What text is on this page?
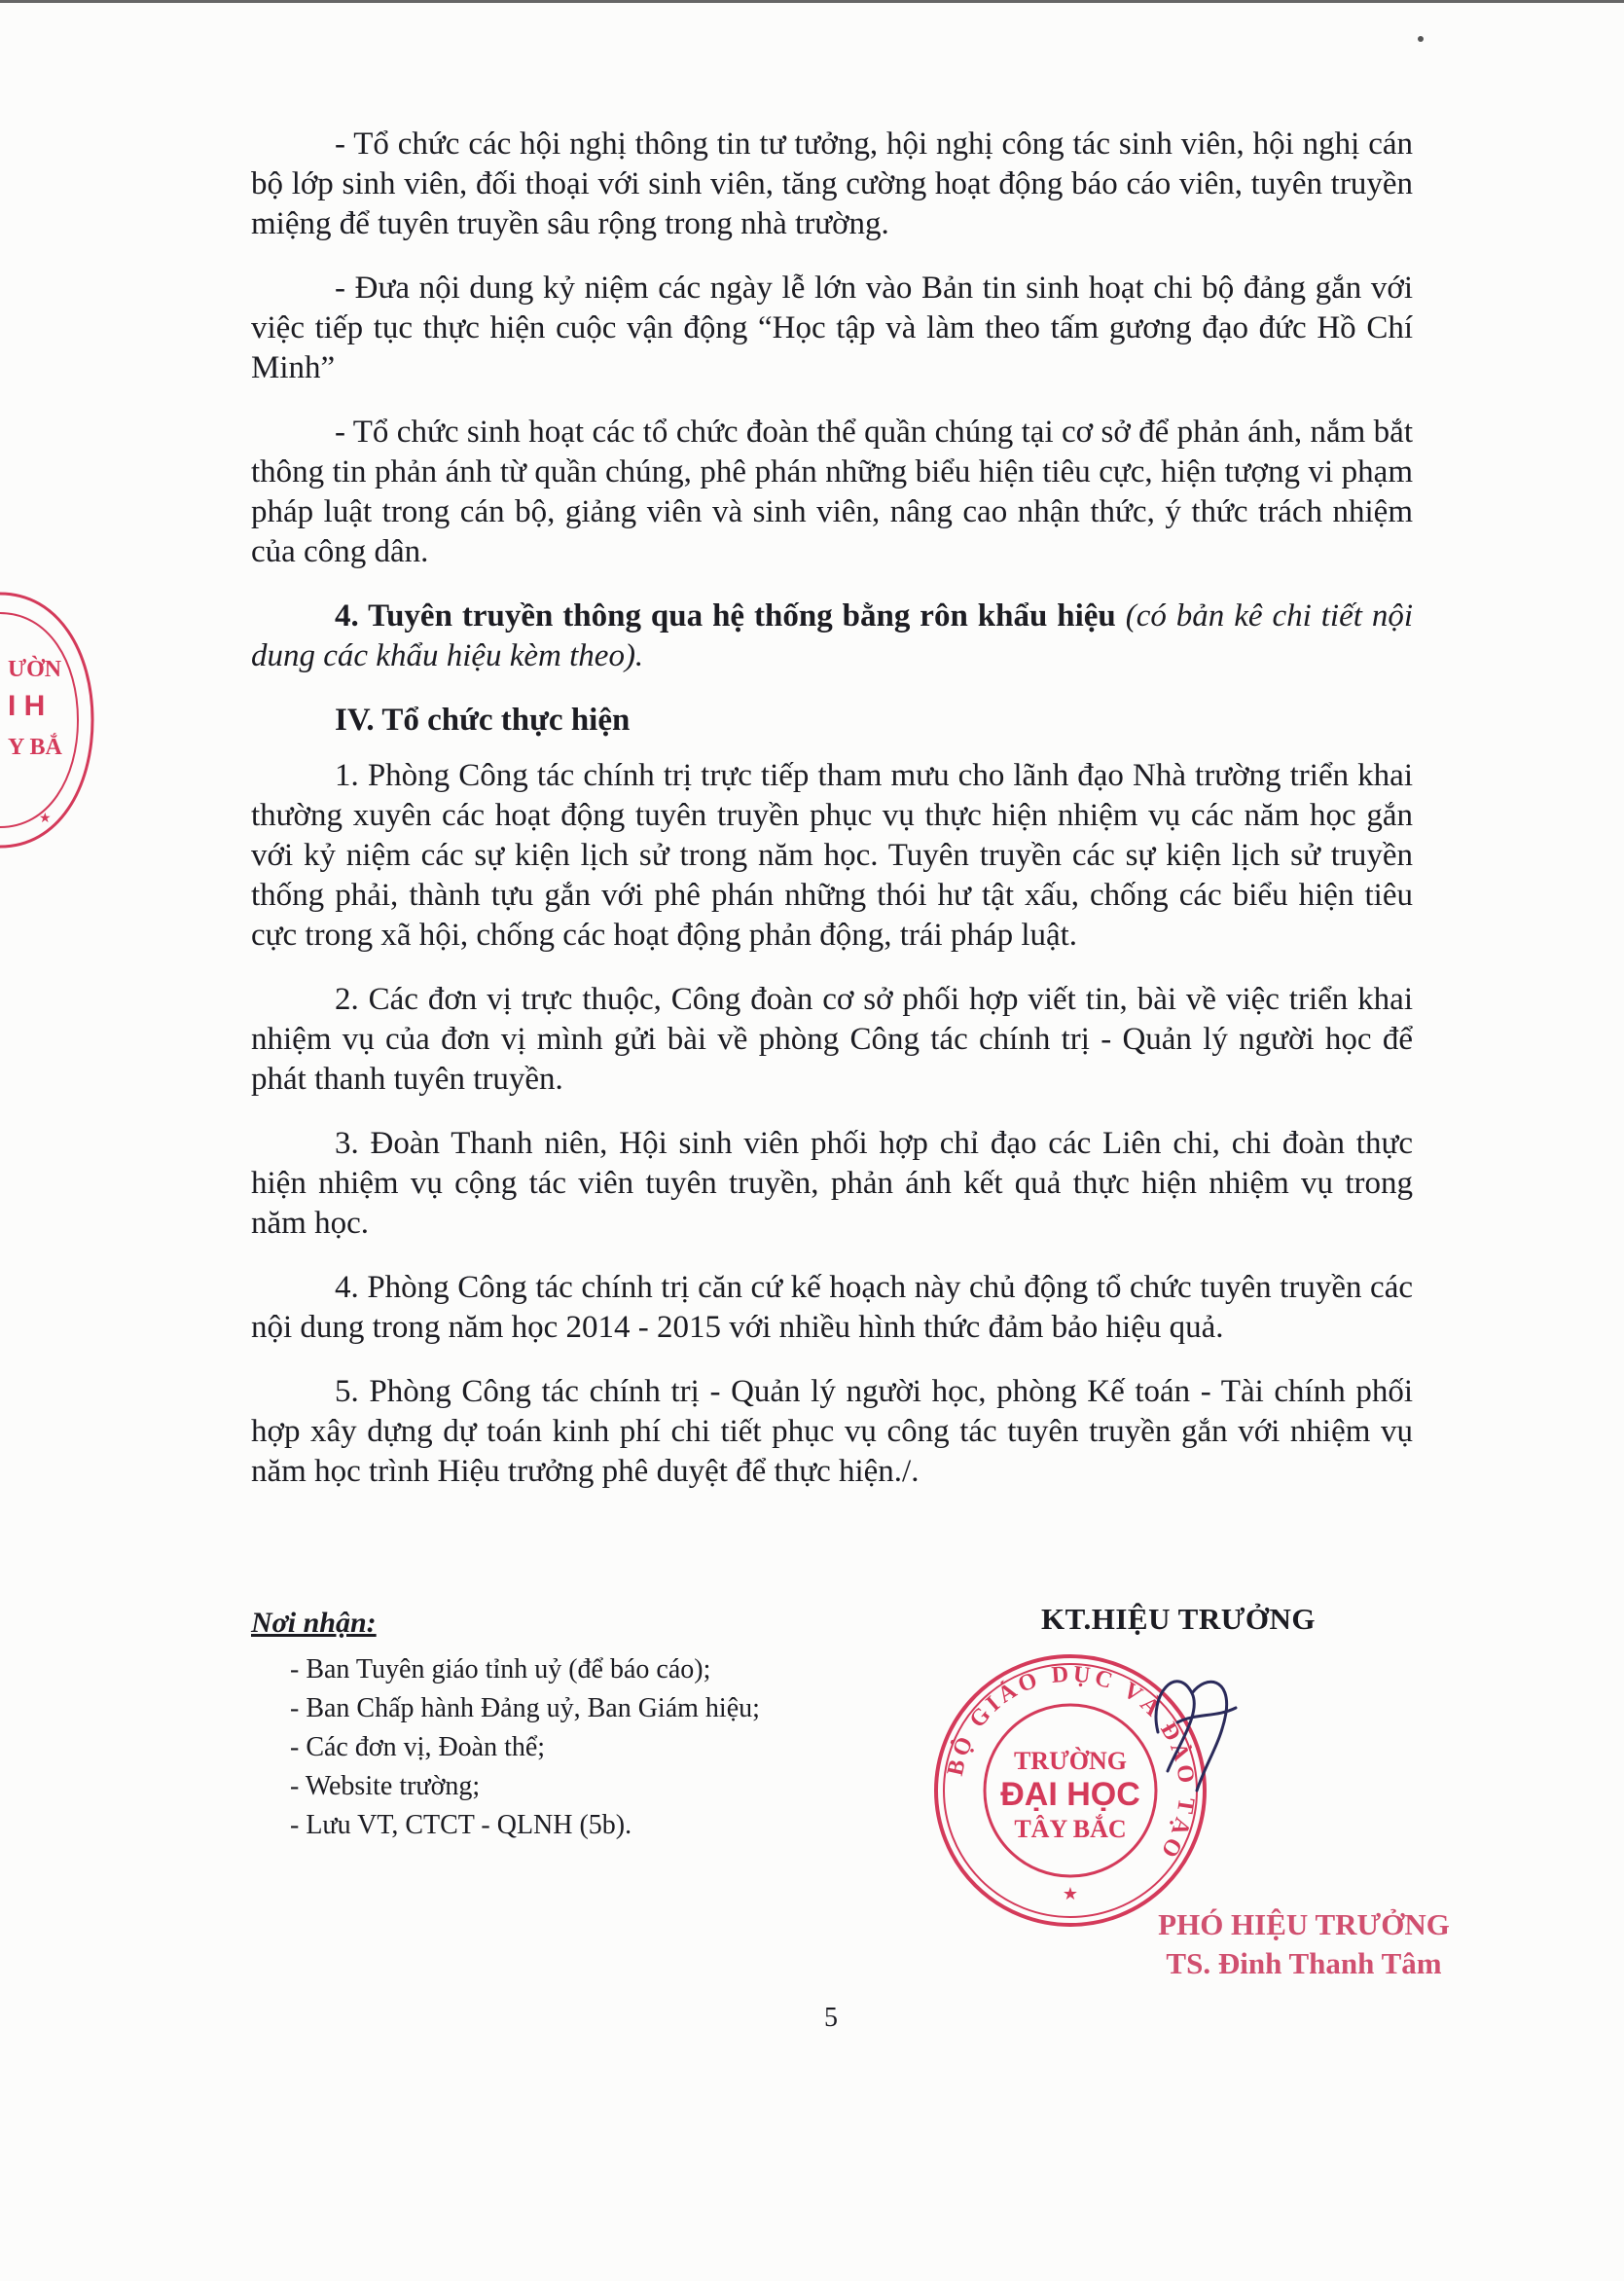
- Tổ chức các hội nghị thông tin tư tưởng, hội nghị công tác sinh viên, hội nghị cán bộ lớp sinh viên, đối thoại với sinh viên, tăng cường hoạt động báo cáo viên, tuyên truyền miệng để tuyên truyền sâu rộng trong nhà trường.

- Đưa nội dung kỷ niệm các ngày lễ lớn vào Bản tin sinh hoạt chi bộ đảng gắn với việc tiếp tục thực hiện cuộc vận động “Học tập và làm theo tấm gương đạo đức Hồ Chí Minh”

- Tổ chức sinh hoạt các tổ chức đoàn thể quần chúng tại cơ sở để phản ánh, nắm bắt thông tin phản ánh từ quần chúng, phê phán những biểu hiện tiêu cực, hiện tượng vi phạm pháp luật trong cán bộ, giảng viên và sinh viên, nâng cao nhận thức, ý thức trách nhiệm của công dân.

4. Tuyên truyền thông qua hệ thống bằng rôn khẩu hiệu (có bản kê chi tiết nội dung các khẩu hiệu kèm theo).

IV. Tổ chức thực hiện

1. Phòng Công tác chính trị trực tiếp tham mưu cho lãnh đạo Nhà trường triển khai thường xuyên các hoạt động tuyên truyền phục vụ thực hiện nhiệm vụ các năm học gắn với kỷ niệm các sự kiện lịch sử trong năm học. Tuyên truyền các sự kiện lịch sử truyền thống phải, thành tựu gắn với phê phán những thói hư tật xấu, chống các biểu hiện tiêu cực trong xã hội, chống các hoạt động phản động, trái pháp luật.

2. Các đơn vị trực thuộc, Công đoàn cơ sở phối hợp viết tin, bài về việc triển khai nhiệm vụ của đơn vị mình gửi bài về phòng Công tác chính trị - Quản lý người học để phát thanh tuyên truyền.

3. Đoàn Thanh niên, Hội sinh viên phối hợp chỉ đạo các Liên chi, chi đoàn thực hiện nhiệm vụ cộng tác viên tuyên truyền, phản ánh kết quả thực hiện nhiệm vụ trong năm học.

4. Phòng Công tác chính trị căn cứ kế hoạch này chủ động tổ chức tuyên truyền các nội dung trong năm học 2014 - 2015 với nhiều hình thức đảm bảo hiệu quả.

5. Phòng Công tác chính trị - Quản lý người học, phòng Kế toán - Tài chính phối hợp xây dựng dự toán kinh phí chi tiết phục vụ công tác tuyên truyền gắn với nhiệm vụ năm học trình Hiệu trưởng phê duyệt để thực hiện./.

Nơi nhận:
- Ban Tuyên giáo tỉnh uỷ (để báo cáo);
- Ban Chấp hành Đảng uỷ, Ban Giám hiệu;
- Các đơn vị, Đoàn thể;
- Website trường;
- Lưu VT, CTCT - QLNH (5b).
KT.HIỆU TRƯỞNG
BỘ GIÁO DỤC VÀ ĐÀO TẠO
TRƯỜNG
ĐẠI HỌC
TÂY BẮC
★
PHÓ HIỆU TRƯỞNG
TS. Đinh Thanh Tâm
5
ƯỜN
I H
Y BẮ
★
